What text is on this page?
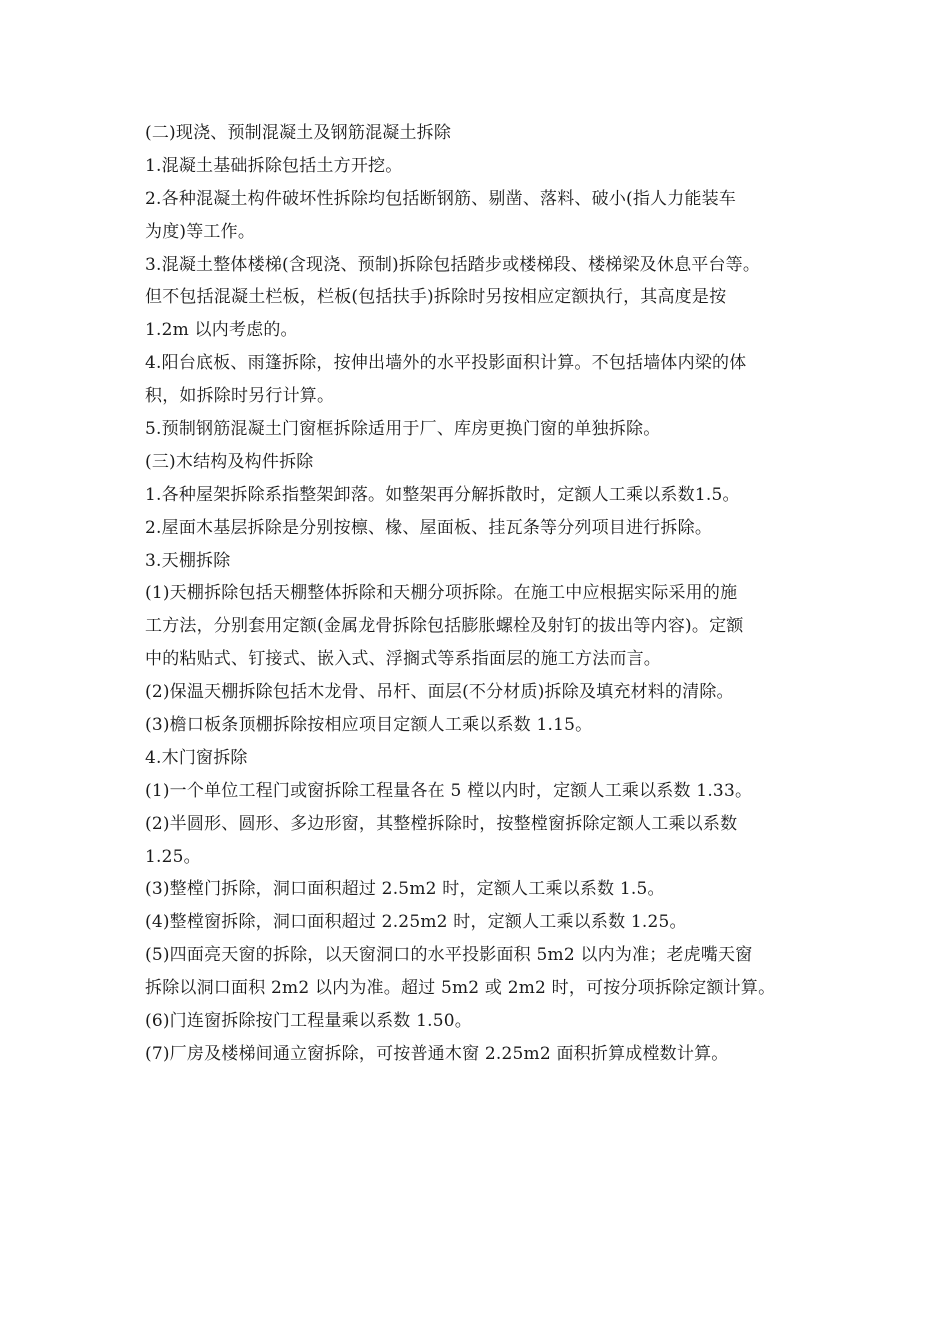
(二)现浇、预制混凝土及钢筋混凝土拆除
1.混凝土基础拆除包括土方开挖。
2.各种混凝土构件破坏性拆除均包括断钢筋、剔凿、落料、破小(指人力能装车
为度)等工作。
3.混凝土整体楼梯(含现浇、预制)拆除包括踏步或楼梯段、楼梯梁及休息平台等。
但不包括混凝土栏板，栏板(包括扶手)拆除时另按相应定额执行，其高度是按
1.2m 以内考虑的。
4.阳台底板、雨篷拆除，按伸出墙外的水平投影面积计算。不包括墙体内梁的体
积，如拆除时另行计算。
5.预制钢筋混凝土门窗框拆除适用于厂、库房更换门窗的单独拆除。
(三)木结构及构件拆除
1.各种屋架拆除系指整架卸落。如整架再分解拆散时，定额人工乘以系数1.5。
2.屋面木基层拆除是分别按檩、椽、屋面板、挂瓦条等分列项目进行拆除。
3.天棚拆除
(1)天棚拆除包括天棚整体拆除和天棚分项拆除。在施工中应根据实际采用的施
工方法，分别套用定额(金属龙骨拆除包括膨胀螺栓及射钉的拔出等内容)。定额
中的粘贴式、钉接式、嵌入式、浮搁式等系指面层的施工方法而言。
(2)保温天棚拆除包括木龙骨、吊杆、面层(不分材质)拆除及填充材料的清除。
(3)檐口板条顶棚拆除按相应项目定额人工乘以系数 1.15。
4.木门窗拆除
(1)一个单位工程门或窗拆除工程量各在 5 樘以内时，定额人工乘以系数 1.33。
(2)半圆形、圆形、多边形窗，其整樘拆除时，按整樘窗拆除定额人工乘以系数
1.25。
(3)整樘门拆除，洞口面积超过 2.5m2 时，定额人工乘以系数 1.5。
(4)整樘窗拆除，洞口面积超过 2.25m2 时，定额人工乘以系数 1.25。
(5)四面亮天窗的拆除，以天窗洞口的水平投影面积 5m2 以内为准；老虎嘴天窗
拆除以洞口面积 2m2 以内为准。超过 5m2 或 2m2 时，可按分项拆除定额计算。
(6)门连窗拆除按门工程量乘以系数 1.50。
(7)厂房及楼梯间通立窗拆除，可按普通木窗 2.25m2 面积折算成樘数计算。
